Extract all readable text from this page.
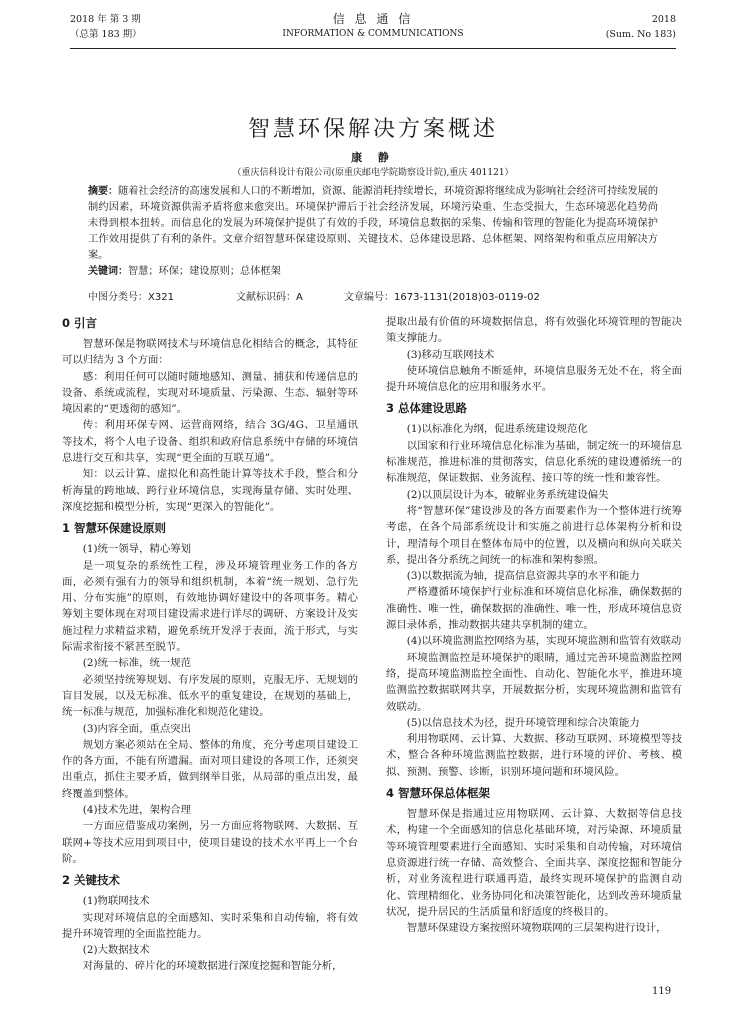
2018 年 第 3 期
（总第 183 期）
信 息 通 信
INFORMATION & COMMUNICATIONS
2018
(Sum. No 183)
智慧环保解决方案概述
康 静
（重庆信科设计有限公司(原重庆邮电学院勘察设计院),重庆 401121）

摘要：随着社会经济的高速发展和人口的不断增加，资源、能源消耗持续增长，环境资源将继续成为影响社会经济可持续发展的制约因素，环境资源供需矛盾将愈来愈突出。环境保护滞后于社会经济发展，环境污染重、生态受损大，生态环境恶化趋势尚未得到根本扭转。而信息化的发展为环境保护提供了有效的手段，环境信息数据的采集、传输和管理的智能化为提高环境保护工作效用提供了有利的条件。文章介绍智慧环保建设原则、关键技术、总体建设思路、总体框架、网络架构和重点应用解决方案。

关键词：智慧；环保；建设原则；总体框架

中图分类号：X321	文献标识码：A	文章编号：1673-1131(2018)03-0119-02
0 引言

智慧环保是物联网技术与环境信息化相结合的概念，其特征可以归结为 3 个方面：

感：利用任何可以随时随地感知、测量、捕获和传递信息的设备、系统或流程，实现对环境质量、污染源、生态、辐射等环境因素的“更透彻的感知”。

传：利用环保专网、运营商网络，结合 3G/4G、卫星通讯等技术，将个人电子设备、组织和政府信息系统中存储的环境信息进行交互和共享，实现“更全面的互联互通”。

知：以云计算、虚拟化和高性能计算等技术手段，整合和分析海量的跨地域、跨行业环境信息，实现海量存储、实时处理、深度挖掘和模型分析，实现“更深入的智能化”。

1 智慧环保建设原则

(1)统一领导，精心筹划

是一项复杂的系统性工程，涉及环境管理业务工作的各方面，必须有强有力的领导和组织机制，本着“统一规划、急行先用、分布实施”的原则，有效地协调好建设中的各项事务。精心筹划主要体现在对项目建设需求进行详尽的调研、方案设计及实施过程力求精益求精，避免系统开发浮于表面，流于形式，与实际需求衔接不紧甚至脱节。

(2)统一标准，统一规范

必须坚持统筹规划、有序发展的原则，克服无序、无规划的盲目发展，以及无标准、低水平的重复建设，在规划的基础上，统一标准与规范，加强标准化和规范化建设。

(3)内容全面，重点突出

规划方案必须站在全局、整体的角度，充分考虑项目建设工作的各方面，不能有所遗漏。面对项目建设的各项工作，还须突出重点，抓住主要矛盾，做到纲举目张，从局部的重点出发，最终覆盖到整体。

(4)技术先进，架构合理

一方面应借鉴成功案例，另一方面应将物联网、大数据、互联网+等技术应用到项目中，使项目建设的技术水平再上一个台阶。

2 关键技术

(1)物联网技术

实现对环境信息的全面感知、实时采集和自动传输，将有效提升环境管理的全面监控能力。

(2)大数据技术

对海量的、碎片化的环境数据进行深度挖掘和智能分析，

提取出最有价值的环境数据信息，将有效强化环境管理的智能决策支撑能力。

(3)移动互联网技术

使环境信息触角不断延伸，环境信息服务无处不在，将全面提升环境信息化的应用和服务水平。

3 总体建设思路

(1)以标准化为纲，促进系统建设规范化

以国家和行业环境信息化标准为基础，制定统一的环境信息标准规范，推进标准的贯彻落实，信息化系统的建设遵循统一的标准规范，保证数据、业务流程、接口等的统一性和兼容性。

(2)以顶层设计为本，破解业务系统建设偏失

将“智慧环保”建设涉及的各方面要素作为一个整体进行统筹考虑，在各个局部系统设计和实施之前进行总体架构分析和设计，理清每个项目在整体布局中的位置，以及横向和纵向关联关系，提出各分系统之间统一的标准和架构参照。

(3)以数据流为轴，提高信息资源共享的水平和能力

严格遵循环境保护行业标准和环境信息化标准，确保数据的准确性、唯一性，确保数据的准确性、唯一性，形成环境信息资源目录体系，推动数据共建共享机制的建立。

(4)以环境监测监控网络为基，实现环境监测和监管有效联动

环境监测监控是环境保护的眼睛，通过完善环境监测监控网络，提高环境监测监控全面性、自动化、智能化水平，推进环境监测监控数据联网共享，开展数据分析，实现环境监测和监管有效联动。

(5)以信息技术为径，提升环境管理和综合决策能力

利用物联网、云计算、大数据、移动互联网、环境模型等技术，整合各种环境监测监控数据，进行环境的评价、考核、模拟、预测、预警、诊断，识别环境问题和环境风险。

4 智慧环保总体框架

智慧环保是指通过应用物联网、云计算、大数据等信息技术，构建一个全面感知的信息化基础环境，对污染源、环境质量等环境管理要素进行全面感知、实时采集和自动传输，对环境信息资源进行统一存储、高效整合、全面共享、深度挖掘和智能分析，对业务流程进行联通再造，最终实现环境保护的监测自动化、管理精细化、业务协同化和决策智能化，达到改善环境质量状况，提升居民的生活质量和舒适度的终极目的。

智慧环保建设方案按照环境物联网的三层架构进行设计，

119
